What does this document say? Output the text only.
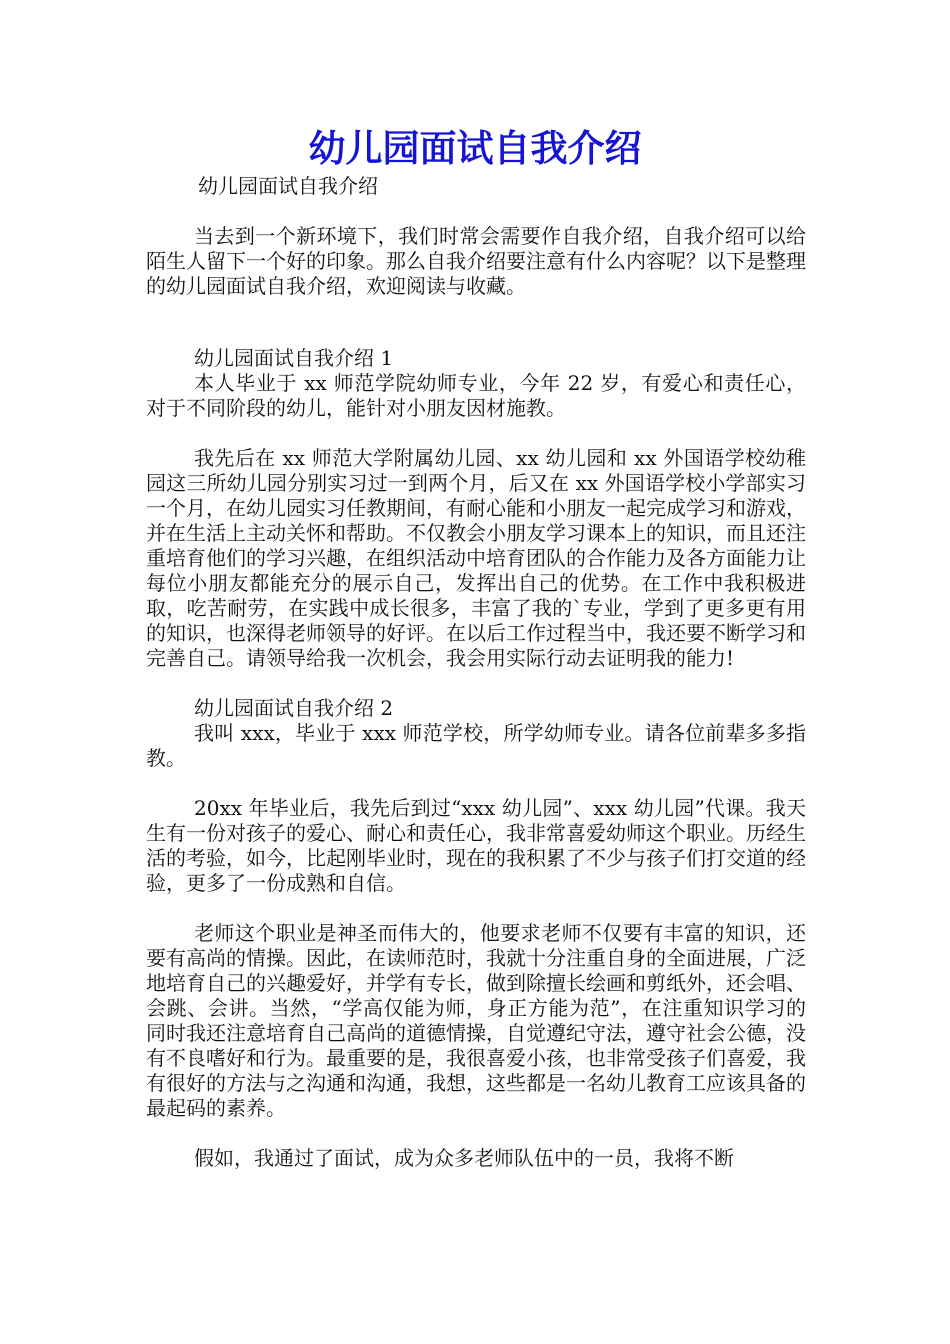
幼儿园面试自我介绍

幼儿园面试自我介绍

当去到一个新环境下，我们时常会需要作自我介绍，自我介绍可以给陌生人留下一个好的印象。那么自我介绍要注意有什么内容呢？以下是整理的幼儿园面试自我介绍，欢迎阅读与收藏。

幼儿园面试自我介绍 1

本人毕业于 xx 师范学院幼师专业，今年 22 岁，有爱心和责任心，对于不同阶段的幼儿，能针对小朋友因材施教。

我先后在 xx 师范大学附属幼儿园、xx 幼儿园和 xx 外国语学校幼稚园这三所幼儿园分别实习过一到两个月，后又在 xx 外国语学校小学部实习一个月，在幼儿园实习任教期间，有耐心能和小朋友一起完成学习和游戏，并在生活上主动关怀和帮助。不仅教会小朋友学习课本上的知识，而且还注重培育他们的学习兴趣，在组织活动中培育团队的合作能力及各方面能力让每位小朋友都能充分的展示自己，发挥出自己的优势。在工作中我积极进取，吃苦耐劳，在实践中成长很多，丰富了我的`专业，学到了更多更有用的知识，也深得老师领导的好评。在以后工作过程当中，我还要不断学习和完善自己。请领导给我一次机会，我会用实际行动去证明我的能力!

幼儿园面试自我介绍 2

我叫 xxx，毕业于 xxx 师范学校，所学幼师专业。请各位前辈多多指教。

20xx 年毕业后，我先后到过“xxx 幼儿园”、xxx 幼儿园”代课。我天生有一份对孩子的爱心、耐心和责任心，我非常喜爱幼师这个职业。历经生活的考验，如今，比起刚毕业时，现在的我积累了不少与孩子们打交道的经验，更多了一份成熟和自信。

老师这个职业是神圣而伟大的，他要求老师不仅要有丰富的知识，还要有高尚的情操。因此，在读师范时，我就十分注重自身的全面进展，广泛地培育自己的兴趣爱好，并学有专长，做到除擅长绘画和剪纸外，还会唱、会跳、会讲。当然，“学高仅能为师，身正方能为范”，在注重知识学习的同时我还注意培育自己高尚的道德情操，自觉遵纪守法，遵守社会公德，没有不良嗜好和行为。最重要的是，我很喜爱小孩，也非常受孩子们喜爱，我有很好的方法与之沟通和沟通，我想，这些都是一名幼儿教育工应该具备的最起码的素养。

假如，我通过了面试，成为众多老师队伍中的一员，我将不断
